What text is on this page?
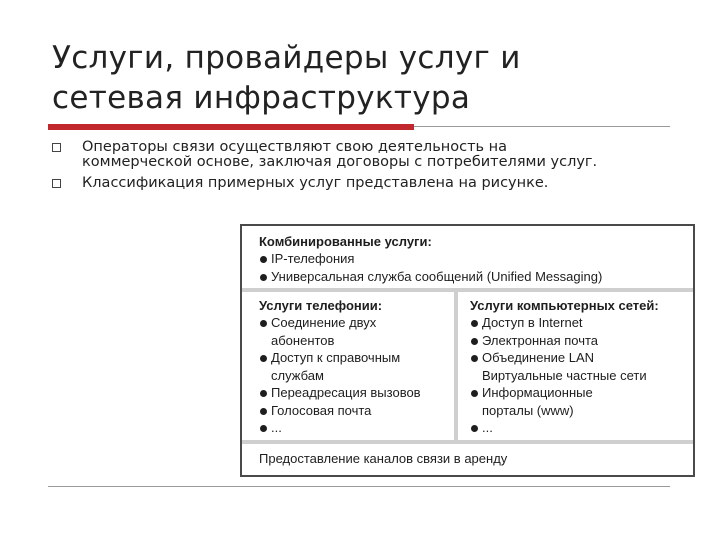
Услуги, провайдеры услуг и
сетевая инфраструктура
Операторы связи осуществляют свою деятельность на
коммерческой основе, заключая договоры с потребителями услуг.
Классификация примерных услуг представлена на рисунке.
Комбинированные услуги:
IP-телефония
Универсальная служба сообщений (Unified Messaging)
Услуги телефонии:
Соединение двух
абонентов
Доступ к справочным
службам
Переадресация вызовов
Голосовая почта
...
Услуги компьютерных сетей:
Доступ в Internet
Электронная почта
Объединение LAN
Виртуальные частные сети
Информационные
порталы (www)
...
Предоставление каналов связи в аренду
